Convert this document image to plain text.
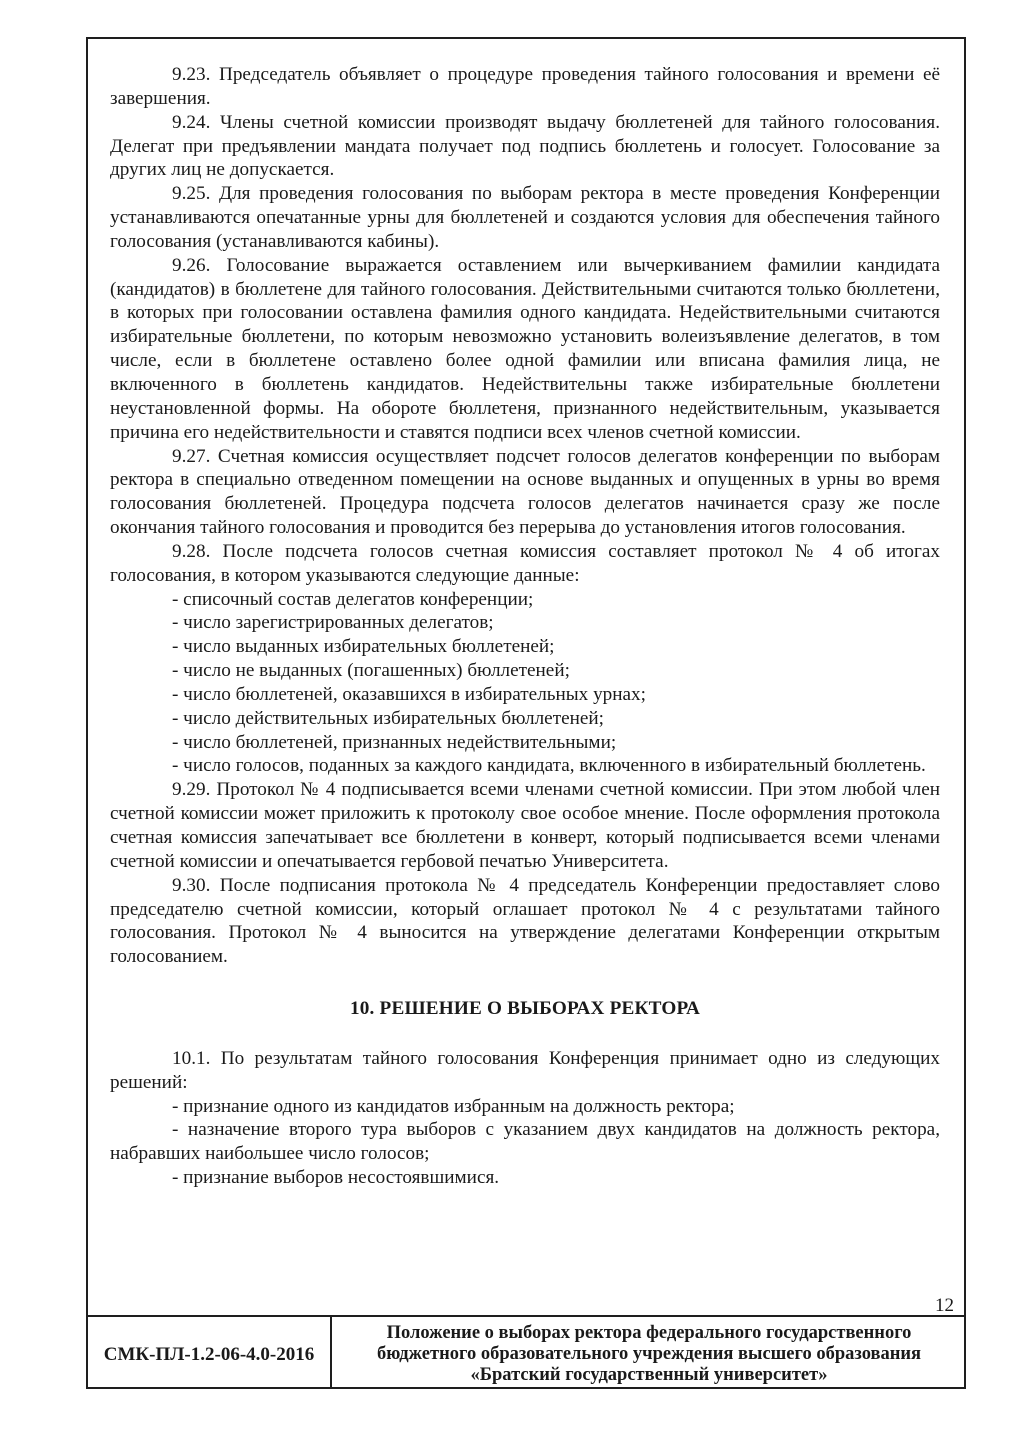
9.23. Председатель объявляет о процедуре проведения тайного голосования и времени её завершения.

9.24. Члены счетной комиссии производят выдачу бюллетеней для тайного голосования. Делегат при предъявлении мандата получает под подпись бюллетень и голосует. Голосование за других лиц не допускается.

9.25. Для проведения голосования по выборам ректора в месте проведения Конференции устанавливаются опечатанные урны для бюллетеней и создаются условия для обеспечения тайного голосования (устанавливаются кабины).

9.26. Голосование выражается оставлением или вычеркиванием фамилии кандидата (кандидатов) в бюллетене для тайного голосования. Действительными считаются только бюллетени, в которых при голосовании оставлена фамилия одного кандидата. Недействительными считаются избирательные бюллетени, по которым невозможно установить волеизъявление делегатов, в том числе, если в бюллетене оставлено более одной фамилии или вписана фамилия лица, не включенного в бюллетень кандидатов. Недействительны также избирательные бюллетени неустановленной формы. На обороте бюллетеня, признанного недействительным, указывается причина его недействительности и ставятся подписи всех членов счетной комиссии.

9.27. Счетная комиссия осуществляет подсчет голосов делегатов конференции по выборам ректора в специально отведенном помещении на основе выданных и опущенных в урны во время голосования бюллетеней. Процедура подсчета голосов делегатов начинается сразу же после окончания тайного голосования и проводится без перерыва до установления итогов голосования.

9.28. После подсчета голосов счетная комиссия составляет протокол № 4 об итогах голосования, в котором указываются следующие данные:

- списочный состав делегатов конференции;

- число зарегистрированных делегатов;

- число выданных избирательных бюллетеней;

- число не выданных (погашенных) бюллетеней;

- число бюллетеней, оказавшихся в избирательных урнах;

- число действительных избирательных бюллетеней;

- число бюллетеней, признанных недействительными;

- число голосов, поданных за каждого кандидата, включенного в избирательный бюллетень.

9.29. Протокол № 4 подписывается всеми членами счетной комиссии. При этом любой член счетной комиссии может приложить к протоколу свое особое мнение. После оформления протокола счетная комиссия запечатывает все бюллетени в конверт, который подписывается всеми членами счетной комиссии и опечатывается гербовой печатью Университета.

9.30. После подписания протокола № 4 председатель Конференции предоставляет слово председателю счетной комиссии, который оглашает протокол № 4 с результатами тайного голосования. Протокол № 4 выносится на утверждение делегатами Конференции открытым голосованием.

10. РЕШЕНИЕ О ВЫБОРАХ РЕКТОРА

10.1. По результатам тайного голосования Конференция принимает одно из следующих решений:

- признание одного из кандидатов избранным на должность ректора;

- назначение второго тура выборов с указанием двух кандидатов на должность ректора, набравших наибольшее число голосов;

- признание выборов несостоявшимися.

12
СМК-ПЛ-1.2-06-4.0-2016
Положение о выборах ректора федерального государственного
бюджетного образовательного учреждения высшего образования
«Братский государственный университет»
